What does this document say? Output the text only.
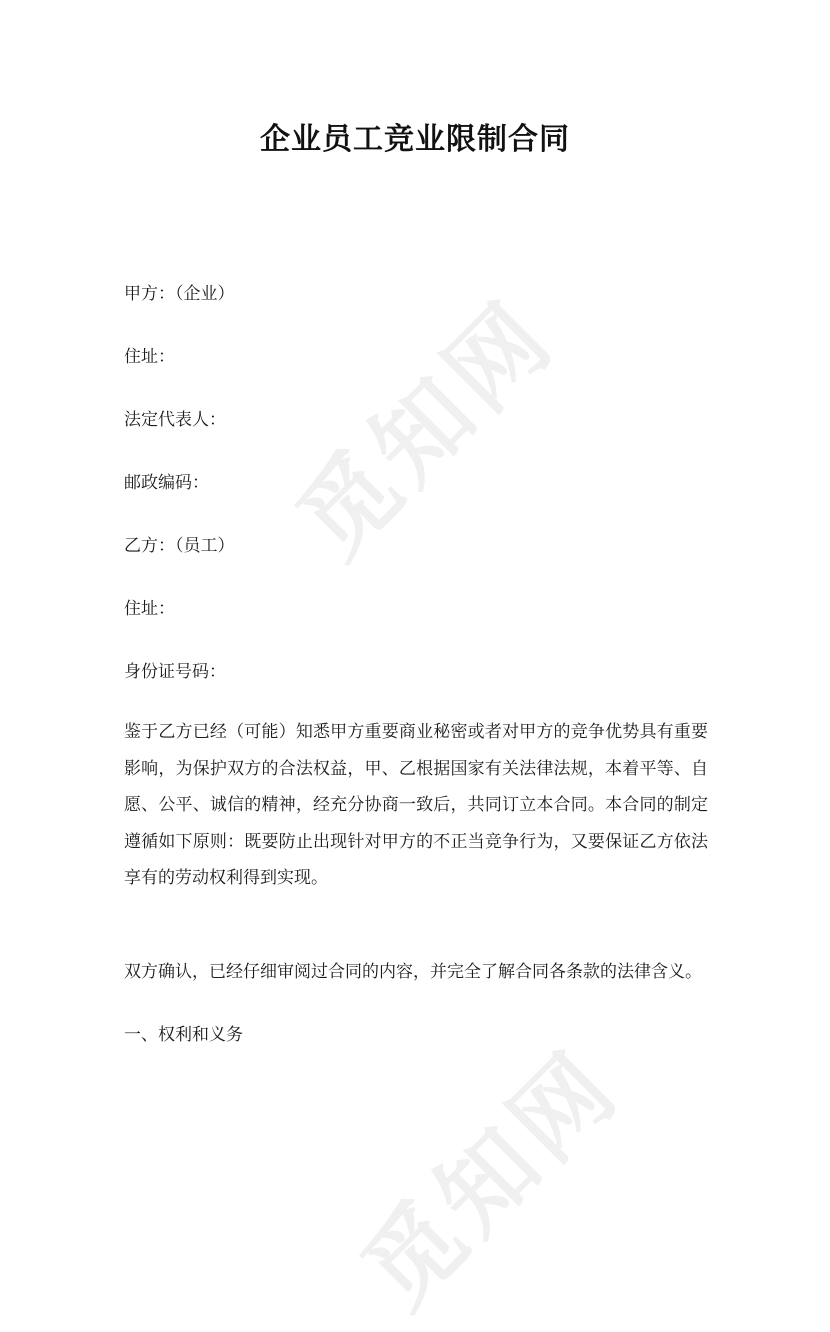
觅知网
觅知网
企业员工竞业限制合同
甲方：（企业）
住址：
法定代表人：
邮政编码：
乙方：（员工）
住址：
身份证号码：
鉴于乙方已经（可能）知悉甲方重要商业秘密或者对甲方的竞争优势具有重要影响，为保护双方的合法权益，甲、乙根据国家有关法律法规，本着平等、自愿、公平、诚信的精神，经充分协商一致后，共同订立本合同。本合同的制定遵循如下原则：既要防止出现针对甲方的不正当竞争行为，又要保证乙方依法享有的劳动权利得到实现。
双方确认，已经仔细审阅过合同的内容，并完全了解合同各条款的法律含义。
一、权利和义务
